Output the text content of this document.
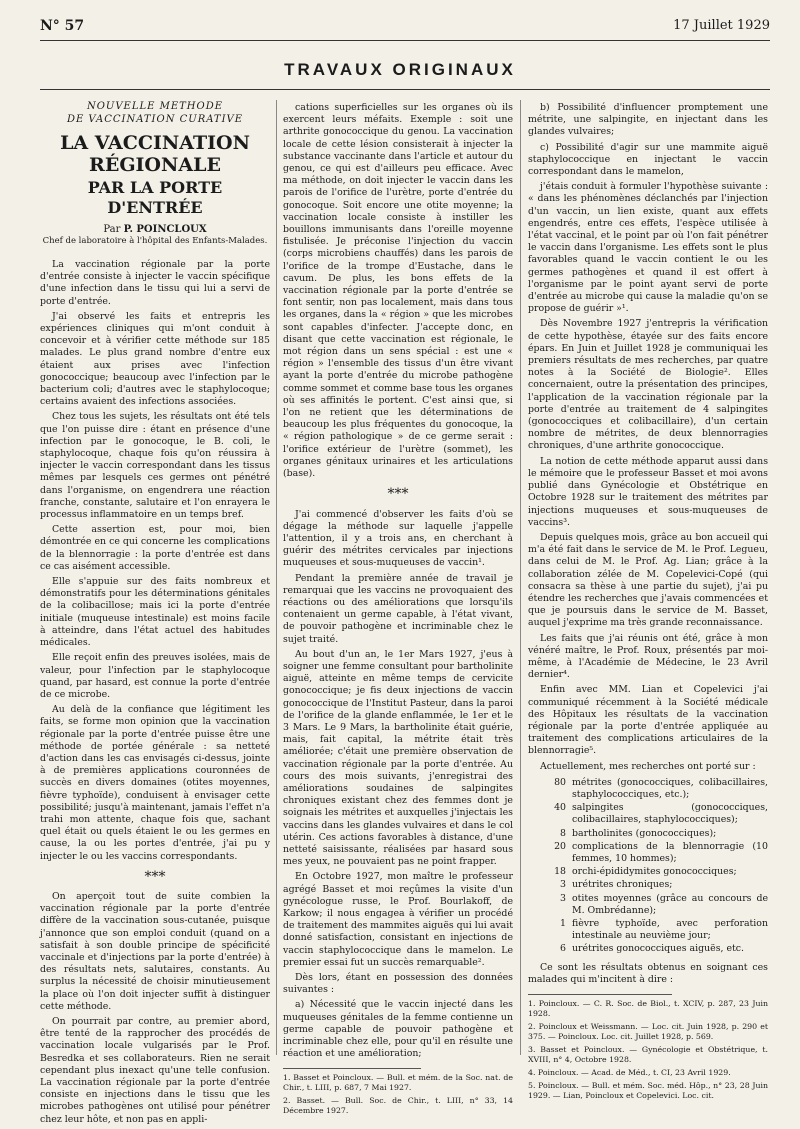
N° 57	17 Juillet 1929
TRAVAUX ORIGINAUX
NOUVELLE METHODE
DE VACCINATION CURATIVE
LA VACCINATION RÉGIONALE
PAR LA PORTE D'ENTRÉE
Par P. POINCLOUX
Chef de laboratoire à l'hôpital des Enfants-Malades.

La vaccination régionale par la porte d'entrée consiste à injecter le vaccin spécifique d'une infection dans le tissu qui lui a servi de porte d'entrée.

J'ai observé les faits et entrepris les expériences cliniques qui m'ont conduit à concevoir et à vérifier cette méthode sur 185 malades. Le plus grand nombre d'entre eux étaient aux prises avec l'infection gonococcique; beaucoup avec l'infection par le bacterium coli; d'autres avec le staphylocoque; certains avaient des infections associées.

Chez tous les sujets, les résultats ont été tels que l'on puisse dire : étant en présence d'une infection par le gonocoque, le B. coli, le staphylocoque, chaque fois qu'on réussira à injecter le vaccin correspondant dans les tissus mêmes par lesquels ces germes ont pénétré dans l'organisme, on engendrera une réaction franche, constante, salutaire et l'on enrayera le processus inflammatoire en un temps bref.

Cette assertion est, pour moi, bien démontrée en ce qui concerne les complications de la blennorragie : la porte d'entrée est dans ce cas aisément accessible.

Elle s'appuie sur des faits nombreux et démonstratifs pour les déterminations génitales de la colibacillose; mais ici la porte d'entrée initiale (muqueuse intestinale) est moins facile à atteindre, dans l'état actuel des habitudes médicales.

Elle reçoit enfin des preuves isolées, mais de valeur, pour l'infection par le staphylocoque quand, par hasard, est connue la porte d'entrée de ce microbe.

Au delà de la confiance que légitiment les faits, se forme mon opinion que la vaccination régionale par la porte d'entrée puisse être une méthode de portée générale : sa netteté d'action dans les cas envisagés ci-dessus, jointe à de premières applications couronnées de succès en divers domaines (otites moyennes, fièvre typhoïde), conduisent à envisager cette possibilité; jusqu'à maintenant, jamais l'effet n'a trahi mon attente, chaque fois que, sachant quel était ou quels étaient le ou les germes en cause, la ou les portes d'entrée, j'ai pu y injecter le ou les vaccins correspondants.

***

On aperçoit tout de suite combien la vaccination régionale par la porte d'entrée diffère de la vaccination sous-cutanée, puisque j'annonce que son emploi conduit (quand on a satisfait à son double principe de spécificité vaccinale et d'injections par la porte d'entrée) à des résultats nets, salutaires, constants. Au surplus la nécessité de choisir minutieusement la place où l'on doit injecter suffit à distinguer cette méthode.

On pourrait par contre, au premier abord, être tenté de la rapprocher des procédés de vaccination locale vulgarisés par le Prof. Besredka et ses collaborateurs. Rien ne serait cependant plus inexact qu'une telle confusion. La vaccination régionale par la porte d'entrée consiste en injections dans le tissu que les microbes pathogènes ont utilisé pour pénétrer chez leur hôte, et non pas en appli-

cations superficielles sur les organes où ils exercent leurs méfaits. Exemple : soit une arthrite gonococcique du genou. La vaccination locale de cette lésion consisterait à injecter la substance vaccinante dans l'article et autour du genou, ce qui est d'ailleurs peu efficace. Avec ma méthode, on doit injecter le vaccin dans les parois de l'orifice de l'urètre, porte d'entrée du gonocoque. Soit encore une otite moyenne; la vaccination locale consiste à instiller les bouillons immunisants dans l'oreille moyenne fistulisée. Je préconise l'injection du vaccin (corps microbiens chauffés) dans les parois de l'orifice de la trompe d'Eustache, dans le cavum. De plus, les bons effets de la vaccination régionale par la porte d'entrée se font sentir, non pas localement, mais dans tous les organes, dans la « région » que les microbes sont capables d'infecter. J'accepte donc, en disant que cette vaccination est régionale, le mot région dans un sens spécial : est une « région » l'ensemble des tissus d'un être vivant ayant la porte d'entrée du microbe pathogène comme sommet et comme base tous les organes où ses affinités le portent. C'est ainsi que, si l'on ne retient que les déterminations de beaucoup les plus fréquentes du gonocoque, la « région pathologique » de ce germe serait : l'orifice extérieur de l'urètre (sommet), les organes génitaux urinaires et les articulations (base).

***

J'ai commencé d'observer les faits d'où se dégage la méthode sur laquelle j'appelle l'attention, il y a trois ans, en cherchant à guérir des métrites cervicales par injections muqueuses et sous-muqueuses de vaccin¹.

Pendant la première année de travail je remarquai que les vaccins ne provoquaient des réactions ou des améliorations que lorsqu'ils contenaient un germe capable, à l'état vivant, de pouvoir pathogène et incriminable chez le sujet traité.

Au bout d'un an, le 1er Mars 1927, j'eus à soigner une femme consultant pour bartholinite aiguë, atteinte en même temps de cervicite gonococcique; je fis deux injections de vaccin gonococcique de l'Institut Pasteur, dans la paroi de l'orifice de la glande enflammée, le 1er et le 3 Mars. Le 9 Mars, la bartholinite était guérie, mais, fait capital, la métrite était très améliorée; c'était une première observation de vaccination régionale par la porte d'entrée. Au cours des mois suivants, j'enregistrai des améliorations soudaines de salpingites chroniques existant chez des femmes dont je soignais les métrites et auxquelles j'injectais les vaccins dans les glandes vulvaires et dans le col utérin. Ces actions favorables à distance, d'une netteté saisissante, réalisées par hasard sous mes yeux, ne pouvaient pas ne point frapper.

En Octobre 1927, mon maître le professeur agrégé Basset et moi reçûmes la visite d'un gynécologue russe, le Prof. Bourlakoff, de Karkow; il nous engagea à vérifier un procédé de traitement des mammites aiguës qui lui avait donné satisfaction, consistant en injections de vaccin staphylococcique dans le mamelon. Le premier essai fut un succès remarquable².

Dès lors, étant en possession des données suivantes :

a) Nécessité que le vaccin injecté dans les muqueuses génitales de la femme contienne un germe capable de pouvoir pathogène et incriminable chez elle, pour qu'il en résulte une réaction et une amélioration;

1. Basset et Poincloux. — Bull. et mém. de la Soc. nat. de Chir., t. LIII, p. 687, 7 Mai 1927.

2. Basset. — Bull. Soc. de Chir., t. LIII, n° 33, 14 Décembre 1927.

b) Possibilité d'influencer promptement une métrite, une salpingite, en injectant dans les glandes vulvaires;

c) Possibilité d'agir sur une mammite aiguë staphylococcique en injectant le vaccin correspondant dans le mamelon,

j'étais conduit à formuler l'hypothèse suivante : « dans les phénomènes déclanchés par l'injection d'un vaccin, un lien existe, quant aux effets engendrés, entre ces effets, l'espèce utilisée à l'état vaccinal, et le point par où l'on fait pénétrer le vaccin dans l'organisme. Les effets sont le plus favorables quand le vaccin contient le ou les germes pathogènes et quand il est offert à l'organisme par le point ayant servi de porte d'entrée au microbe qui cause la maladie qu'on se propose de guérir »¹.

Dès Novembre 1927 j'entrepris la vérification de cette hypothèse, étayée sur des faits encore épars. En Juin et Juillet 1928 je communiquai les premiers résultats de mes recherches, par quatre notes à la Société de Biologie². Elles concernaient, outre la présentation des principes, l'application de la vaccination régionale par la porte d'entrée au traitement de 4 salpingites (gonococciques et colibacillaire), d'un certain nombre de métrites, de deux blennorragies chroniques, d'une arthrite gonococcique.

La notion de cette méthode apparut aussi dans le mémoire que le professeur Basset et moi avons publié dans Gynécologie et Obstétrique en Octobre 1928 sur le traitement des métrites par injections muqueuses et sous-muqueuses de vaccins³.

Depuis quelques mois, grâce au bon accueil qui m'a été fait dans le service de M. le Prof. Legueu, dans celui de M. le Prof. Ag. Lian; grâce à la collaboration zélée de M. Copelevici-Copé (qui consacra sa thèse à une partie du sujet), j'ai pu étendre les recherches que j'avais commencées et que je poursuis dans le service de M. Basset, auquel j'exprime ma très grande reconnaissance.

Les faits que j'ai réunis ont été, grâce à mon vénéré maître, le Prof. Roux, présentés par moi-même, à l'Académie de Médecine, le 23 Avril dernier⁴.

Enfin avec MM. Lian et Copelevici j'ai communiqué récemment à la Société médicale des Hôpitaux les résultats de la vaccination régionale par la porte d'entrée appliquée au traitement des complications articulaires de la blennorragie⁵.

Actuellement, mes recherches ont porté sur :

80 métrites (gonococciques, colibacillaires, staphylococciques, etc.);
40 salpingites (gonococciques, colibacillaires, staphylococciques);
8 bartholinites (gonococciques);
20 complications de la blennorragie (10 femmes, 10 hommes);
18 orchi-épididymites gonococciques;
3 urétrites chroniques;
3 otites moyennes (grâce au concours de M. Ombrédanne);
1 fièvre typhoïde, avec perforation intestinale au neuvième jour;
6 urétrites gonococciques aiguës, etc.

Ce sont les résultats obtenus en soignant ces malades qui m'incitent à dire :

1. Poincloux. — C. R. Soc. de Biol., t. XCIV, p. 287, 23 Juin 1928.

2. Poincloux et Weissmann. — Loc. cit. Juin 1928, p. 290 et 375. — Poincloux. Loc. cit. Juillet 1928, p. 569.

3. Basset et Poincloux. — Gynécologie et Obstétrique, t. XVIII, n° 4, Octobre 1928.

4. Poincloux. — Acad. de Méd., t. CI, 23 Avril 1929.

5. Poincloux. — Bull. et mém. Soc. méd. Hôp., n° 23, 28 Juin 1929. — Lian, Poincloux et Copelevici. Loc. cit.
